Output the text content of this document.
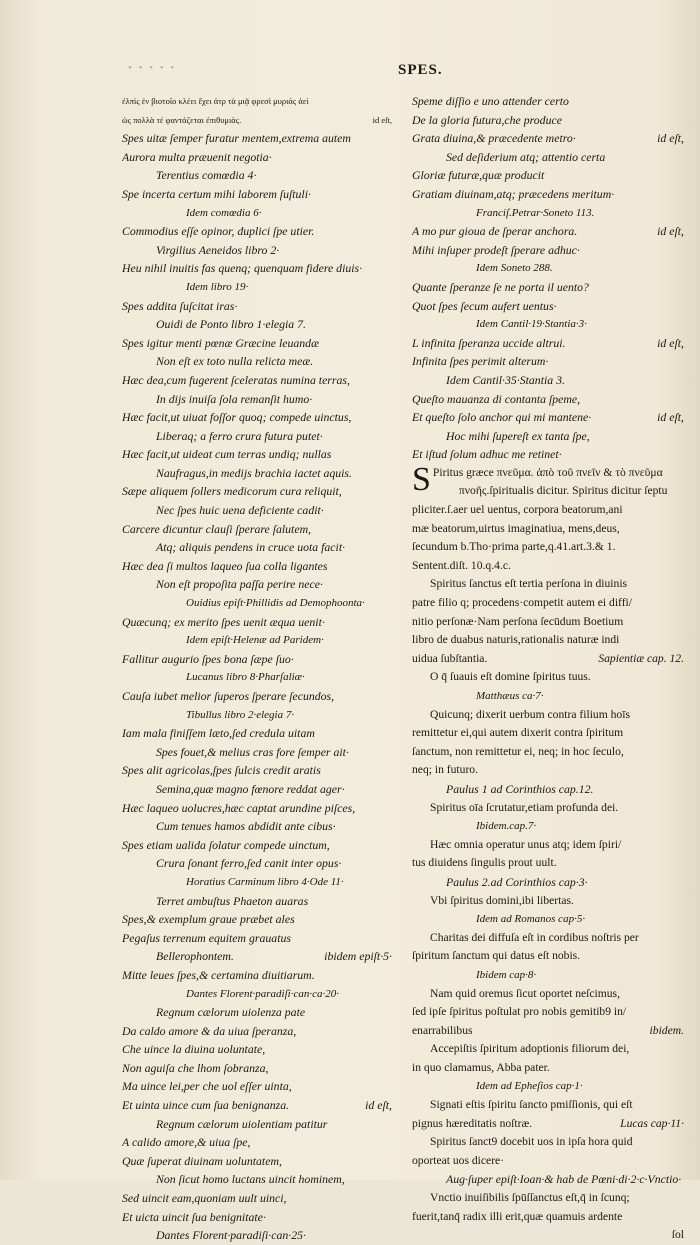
• • • • •	SPES.
ἐλπὶς ἐν βιοτοῖο κλέει ἔχει ἀτρ τὰ μιᾷ φρεσὶ μυριάς ἀεὶ
ὡς πολλὰ τέ φαντάζεται ἐπιθυμιὰς.	id eſt,
Spes uitæ ſemper furatur mentem,extrema autem
Aurora multa præuenit negotia·
Terentius comœdia 4·
Spe incerta certum mihi laborem ſuſtuli·
Idem comœdia 6·
Commodius eſſe opinor, duplici ſpe utier.
Virgilius Aeneidos libro 2·
Heu nihil inuitis fas quenq; quenquam fidere diuis·
Idem libro 19·
Spes addita ſuſcitat iras·
Ouidi de Ponto libro 1·elegia 7.
Spes igitur menti pœnæ Græcine leuandæ
Non eſt ex toto nulla relicta meæ.
Hæc dea,cum fugerent ſceleratas numina terras,
In dijs inuiſa ſola remanſit humo·
Hæc facit,ut uiuat foſſor quoq; compede uinctus,
Liberaq; a ferro crura futura putet·
Hæc facit,ut uideat cum terras undiq; nullas
Naufragus,in medijs brachia iactet aquis.
Sæpe aliquem ſollers medicorum cura reliquit,
Nec ſpes huic uena deficiente cadit·
Carcere dicuntur clauſi ſperare ſalutem,
Atq; aliquis pendens in cruce uota facit·
Hæc dea ſi multos laqueo ſua colla ligantes
Non eſt propoſita paſſa perire nece·
Ouidius epiſt·Phillidis ad Demophoonta·
Quæcunq; ex merito ſpes uenit æqua uenit·
Idem epiſt·Helenæ ad Paridem·
Fallitur augurio ſpes bona ſæpe ſuo·
Lucanus libro 8·Pharſaliæ·
Cauſa iubet melior ſuperos ſperare ſecundos,
Tibullus libro 2·elegia 7·
Iam mala finiſſem læto,ſed credula uitam
Spes fouet,& melius cras fore ſemper ait·
Spes alit agricolas,ſpes ſulcis credit aratis
Semina,quæ magno fœnore reddat ager·
Hæc laqueo uolucres,hæc captat arundine piſces,
Cum tenues hamos abdidit ante cibus·
Spes etiam ualida ſolatur compede uinctum,
Crura ſonant ferro,ſed canit inter opus·
Horatius Carminum libro 4·Ode 11·
Terret ambuſtus Phaeton auaras
Spes,& exemplum graue præbet ales
Pegaſus terrenum equitem grauatus
Bellerophontem.	ibidem epiſt·5·
Mitte leues ſpes,& certamina diuitiarum.
Dantes Florent·paradiſi·can·ca·20·
Regnum cælorum uiolenza pate
Da caldo amore & da uiua ſperanza,
Che uince la diuina uoluntate,
Non aguiſa che lhom ſobranza,
Ma uince lei,per che uol eſſer uinta,
Et uinta uince cum ſua benignanza.	id eſt,
Regnum cælorum uiolentiam patitur
A calido amore,& uiua ſpe,
Quæ ſuperat diuinam uoluntatem,
Non ſicut homo luctans uincit hominem,
Sed uincit eam,quoniam uult uinci,
Et uicta uincit ſua benignitate·
Dantes Florent·paradiſi·can·25·
Speme diſſio e uno attender certo
De la gloria futura,che produce
Grata diuina,& præcedente metro·	id eſt,
Sed deſiderium atq; attentio certa
Gloriæ futuræ,quæ producit
Gratiam diuinam,atq; præcedens meritum·
Franciſ.Petrar·Soneto 113.
A mo pur gioua de ſperar anchora.	id eſt,
Mihi inſuper prodeſt ſperare adhuc·
Idem Soneto 288.
Quante ſperanze ſe ne porta il uento?
Quot ſpes ſecum aufert uentus·
Idem Cantil·19·Stantia·3·
L infinita ſperanza uccide altrui.	id eſt,
Infinita ſpes perimit alterum·
Idem Cantil·35·Stantia 3.
Queſto mauanza di contanta ſpeme,
Et queſto ſolo anchor qui mi mantene·	id eſt,
Hoc mihi ſupereſt ex tanta ſpe,
Et iſtud ſolum adhuc me retinet·
S Piritus græce πνεῦμα. ἀπὸ τοῦ πνεῖν & τὸ πνεῦμα
πνοῆς.ſpiritualis dicitur. Spiritus dicitur ſeptu
pliciter.ſ.aer uel uentus, corpora beatorum,ani
mæ beatorum,uirtus imaginatiua, mens,deus,
ſecundum b.Tho·prima parte,q.41.art.3.& 1.
Sentent.diſt. 10.q.4.c.
Spiritus ſanctus eſt tertia perſona in diuinis
patre filio q; procedens·competit autem ei diffi/
nitio perſonæ·Nam perſona ſecūdum Boetium
libro de duabus naturis,rationalis naturæ indi
uidua ſubſtantia.	Sapientiæ cap. 12.
O q̄ ſuauis eſt domine ſpiritus tuus.
Matthæus ca·7·
Quicunq; dixerit uerbum contra filium hoīs
remittetur ei,qui autem dixerit contra ſpiritum
ſanctum, non remittetur ei, neq; in hoc ſeculo,
neq; in futuro.
Paulus 1 ad Corinthios cap.12.
Spiritus oīa ſcrutatur,etiam profunda dei.
Ibidem.cap.7·
Hæc omnia operatur unus atq; idem ſpiri/
tus diuidens ſingulis prout uult.
Paulus 2.ad Corinthios cap·3·
Vbi ſpiritus domini,ibi libertas.
Idem ad Romanos cap·5·
Charitas dei diffuſa eſt in cordibus noſtris per
ſpiritum ſanctum qui datus eſt nobis.
Ibidem cap·8·
Nam quid oremus ſicut oportet neſcimus,
ſed ipſe ſpiritus poſtulat pro nobis gemitib9 in/
enarrabilibus	ibidem.
Accepiſtis ſpiritum adoptionis filiorum dei,
in quo clamamus, Abba pater.
Idem ad Epheſios cap·1·
Signati eſtis ſpiritu ſancto pmiſſionis, qui eſt
pignus hæreditatis noſtræ.	Lucas cap·11·
Spiritus ſanct9 docebit uos in ipſa hora quid
oporteat uos dicere·
Aug·ſuper epiſt·Ioan·& hab de Pœni·di·2·c·Vnctio·
Vnctio inuiſibilis ſpūſſanctus eſt,q̄ in ſcunq;
fuerit,tanq̄ radix illi erit,quæ quamuis ardente
ſol
